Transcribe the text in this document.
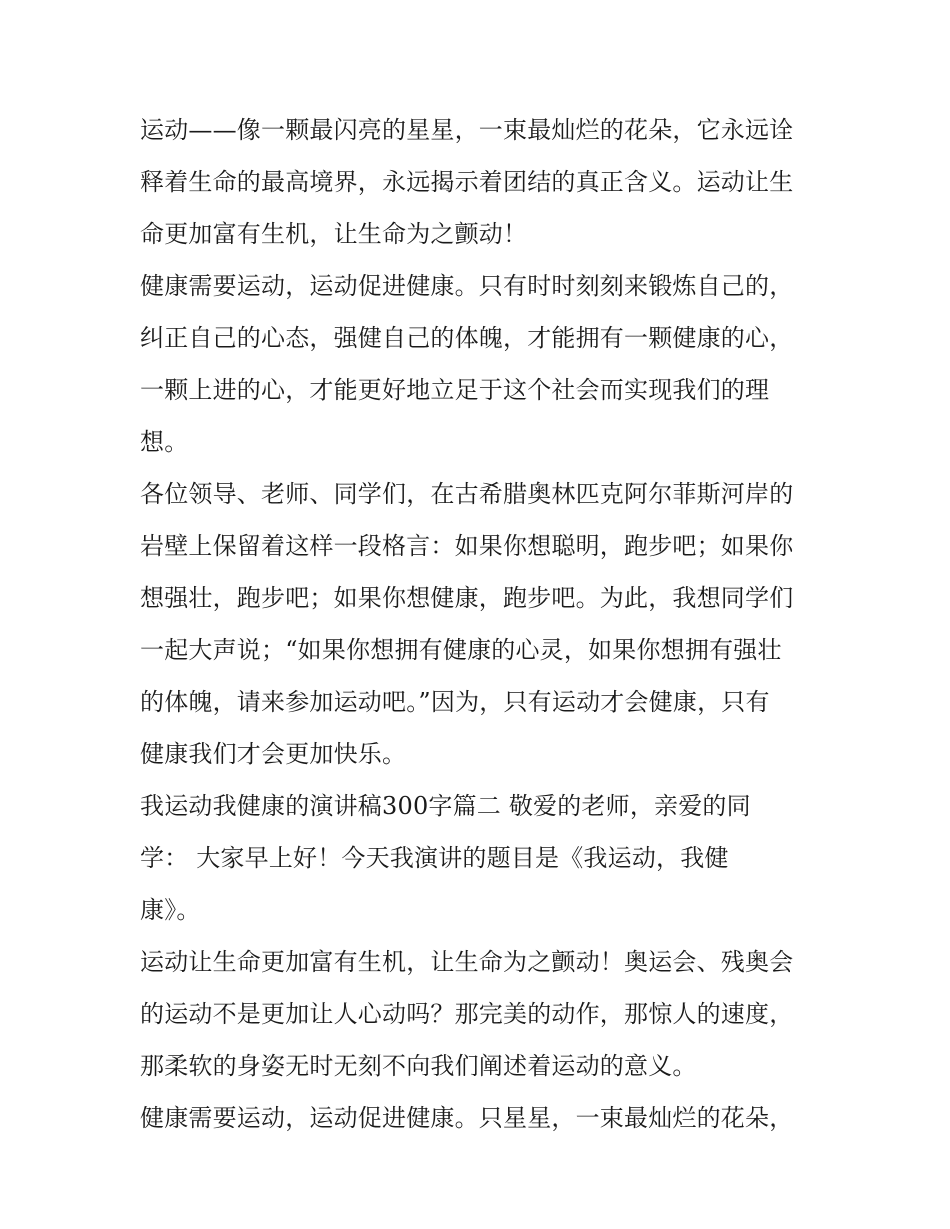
运动——像一颗最闪亮的星星，一束最灿烂的花朵，它永远诠
释着生命的最高境界，永远揭示着团结的真正含义。运动让生
命更加富有生机，让生命为之颤动！
健康需要运动，运动促进健康。只有时时刻刻来锻炼自己的，
纠正自己的心态，强健自己的体魄，才能拥有一颗健康的心，
一颗上进的心，才能更好地立足于这个社会而实现我们的理
想。
各位领导、老师、同学们，在古希腊奥林匹克阿尔菲斯河岸的
岩壁上保留着这样一段格言：如果你想聪明，跑步吧；如果你
想强壮，跑步吧；如果你想健康，跑步吧。为此，我想同学们
一起大声说；“如果你想拥有健康的心灵，如果你想拥有强壮
的体魄，请来参加运动吧。”因为，只有运动才会健康，只有
健康我们才会更加快乐。
我运动我健康的演讲稿300字篇二 敬爱的老师，亲爱的同
学： 大家早上好！今天我演讲的题目是《我运动，我健
康》。
运动让生命更加富有生机，让生命为之颤动！奥运会、残奥会
的运动不是更加让人心动吗？那完美的动作，那惊人的速度，
那柔软的身姿无时无刻不向我们阐述着运动的意义。
健康需要运动，运动促进健康。只星星，一束最灿烂的花朵，
